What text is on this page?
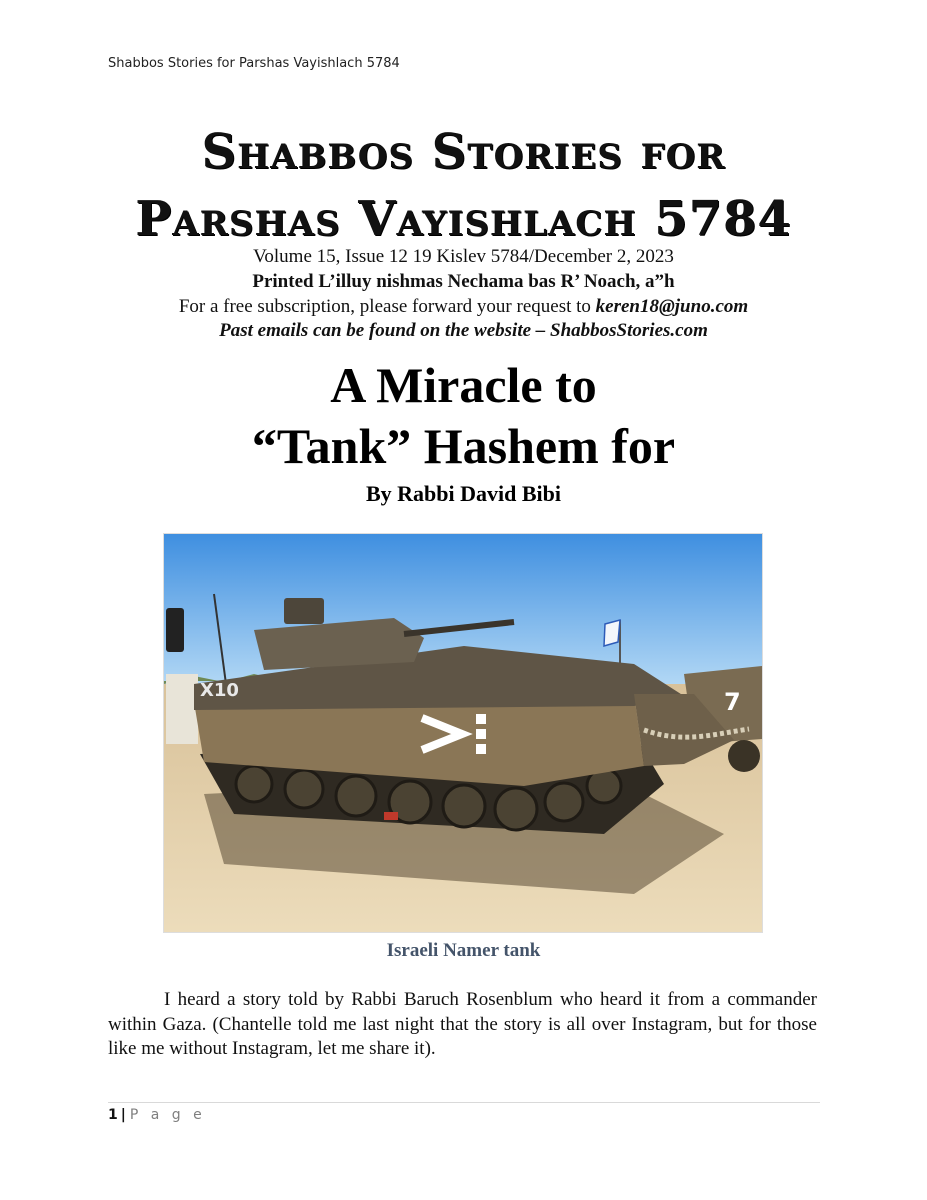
Shabbos Stories for Parshas Vayishlach 5784
Shabbos Stories for
Parshas Vayishlach 5784
Volume 15, Issue 12 19 Kislev 5784/December 2, 2023
Printed L’illuy nishmas Nechama bas R’ Noach, a”h
For a free subscription, please forward your request to keren18@juno.com
Past emails can be found on the website – ShabbosStories.com
A Miracle to
“Tank” Hashem for
By Rabbi David Bibi
7
X10
Israeli Namer tank

I heard a story told by Rabbi Baruch Rosenblum who heard it from a commander within Gaza. (Chantelle told me last night that the story is all over Instagram, but for those like me without Instagram, let me share it).

1 | P a g e
